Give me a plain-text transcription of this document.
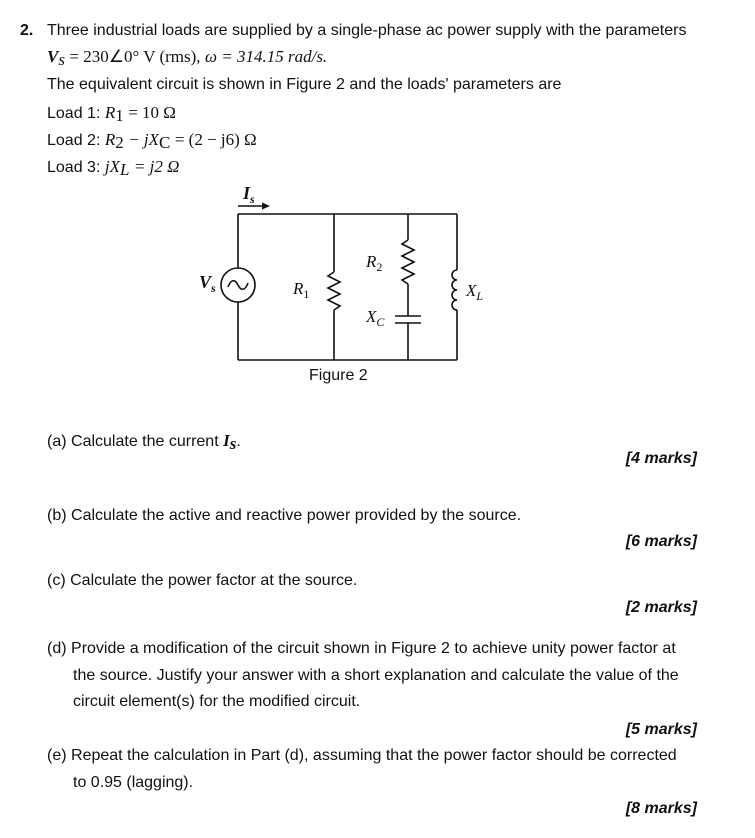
2. Three industrial loads are supplied by a single-phase ac power supply with the parameters
$V_s$ = 230∠0° V (rms), ω = 314.15 rad/s.
The equivalent circuit is shown in Figure 2 and the loads' parameters are
Load 1: $R_1 = 10$ Ω
Load 2: $R_2 - jX_C = (2 - j6)$ Ω
Load 3: $jX_L = j2$ Ω
$I_s$
$V_s$	$R_1$
$R_2$
$X_C$
$X_L$
Figure 2
(a) Calculate the current $I_s$.
[4 marks]
(b) Calculate the active and reactive power provided by the source.
[6 marks]
(c) Calculate the power factor at the source.
[2 marks]
(d) Provide a modification of the circuit shown in Figure 2 to achieve unity power factor at
the source. Justify your answer with a short explanation and calculate the value of the
circuit element(s) for the modified circuit.
[5 marks]
(e) Repeat the calculation in Part (d), assuming that the power factor should be corrected
to 0.95 (lagging).
[8 marks]
